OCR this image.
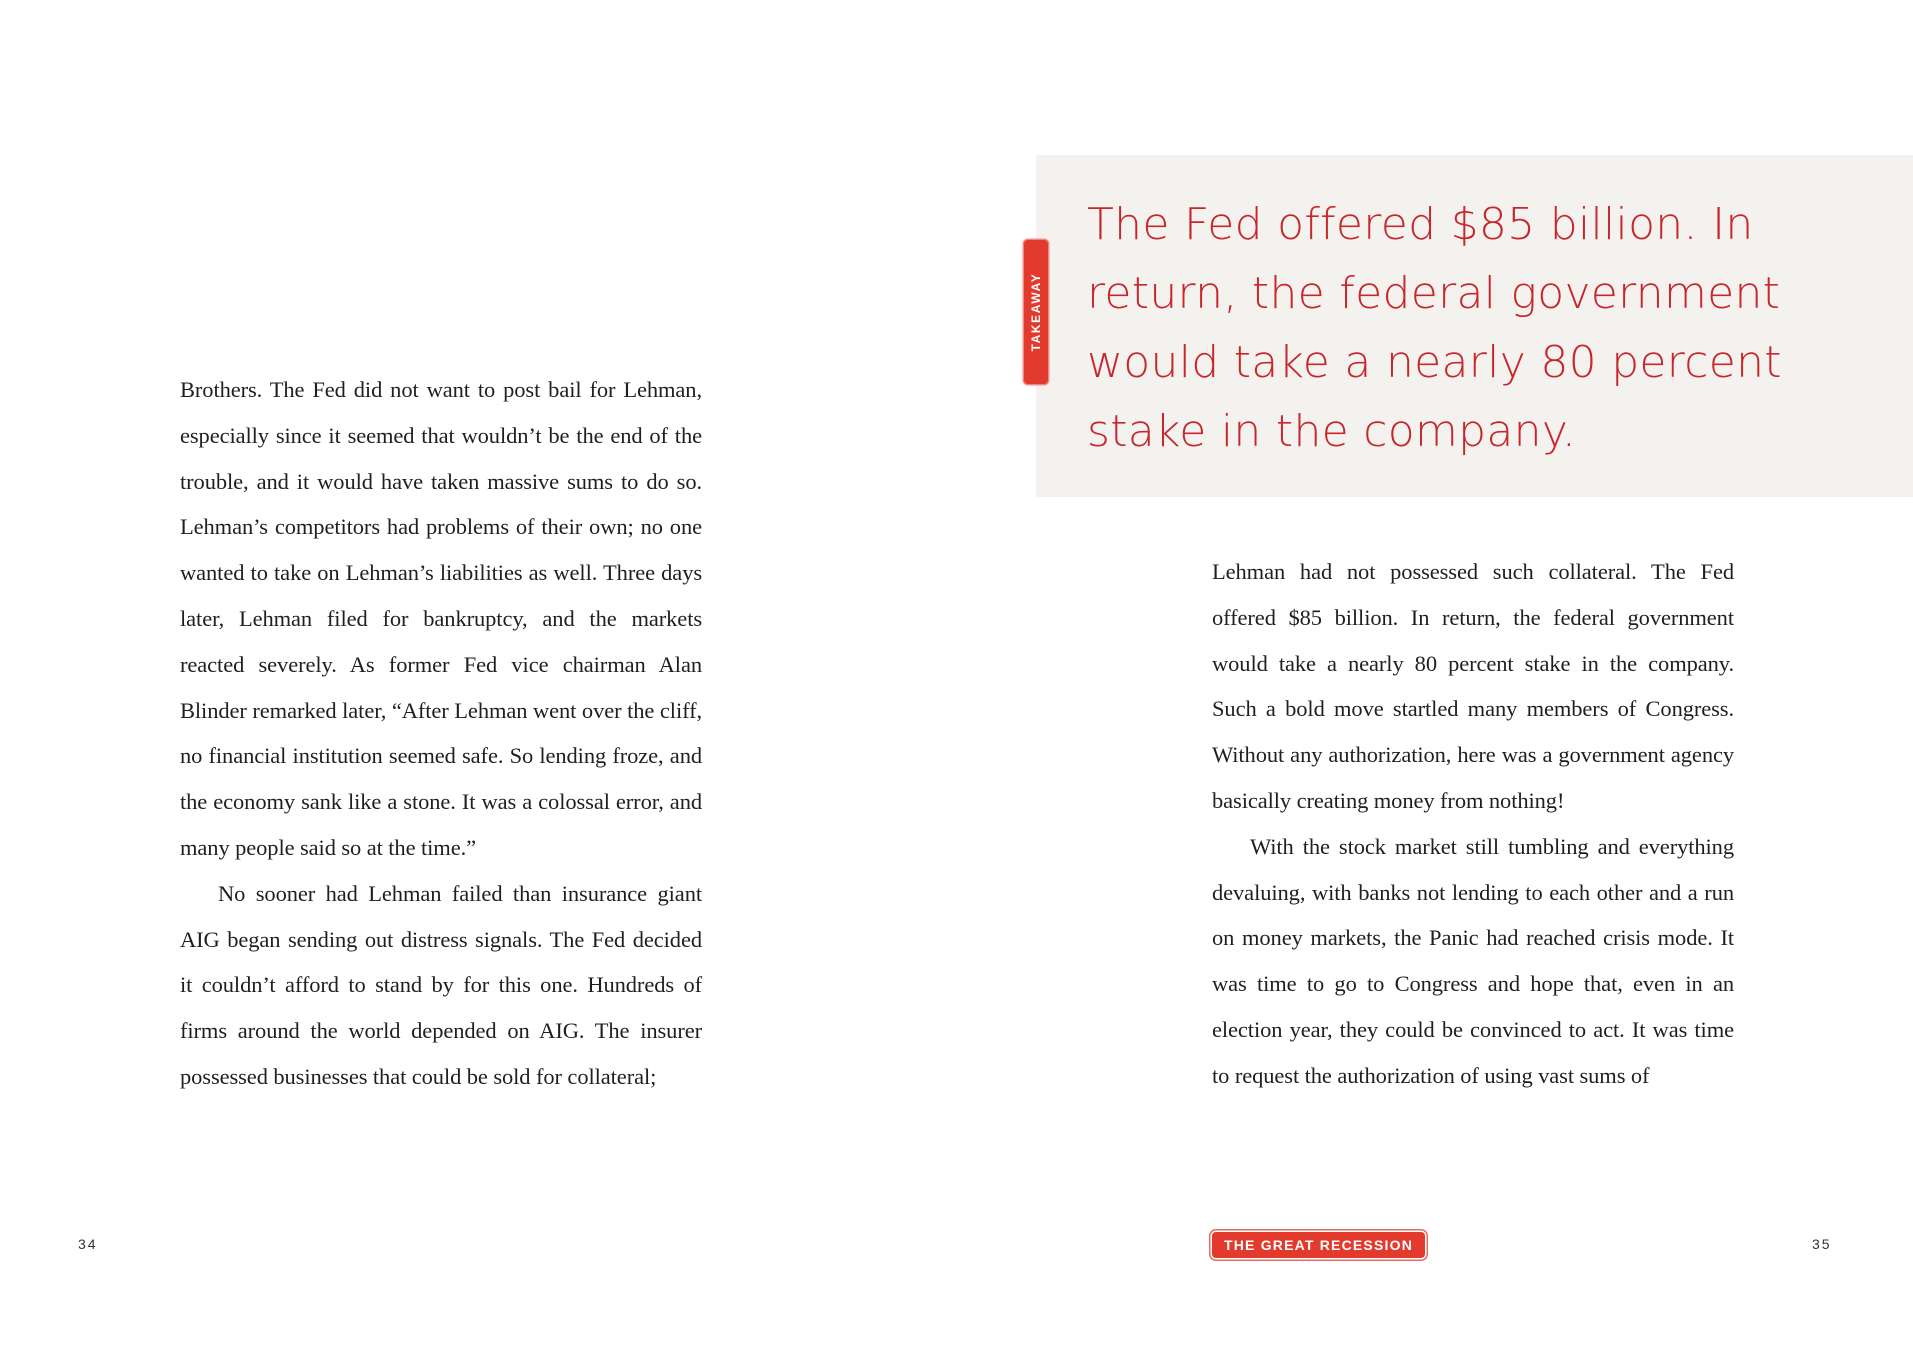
Brothers. The Fed did not want to post bail for Lehman, especially since it seemed that wouldn’t be the end of the trouble, and it would have taken massive sums to do so. Lehman’s competitors had problems of their own; no one wanted to take on Lehman’s liabilities as well. Three days later, Lehman filed for bankruptcy, and the markets reacted severely. As former Fed vice chairman Alan Blinder remarked later, “After Lehman went over the cliff, no financial institution seemed safe. So lending froze, and the economy sank like a stone. It was a colossal error, and many people said so at the time.”

No sooner had Lehman failed than insurance giant AIG began sending out distress signals. The Fed decided it couldn’t afford to stand by for this one. Hundreds of firms around the world depended on AIG. The insurer possessed businesses that could be sold for collateral;

34
TAKEAWAY
The Fed offered $85 billion. In return, the federal government would take a nearly 80 percent stake in the company.

Lehman had not possessed such collateral. The Fed offered $85 billion. In return, the federal government would take a nearly 80 percent stake in the company. Such a bold move startled many members of Congress. Without any authorization, here was a government agency basically creating money from nothing!

With the stock market still tumbling and everything devaluing, with banks not lending to each other and a run on money markets, the Panic had reached crisis mode. It was time to go to Congress and hope that, even in an election year, they could be convinced to act. It was time to request the authorization of using vast sums of

THE GREAT RECESSION	35
